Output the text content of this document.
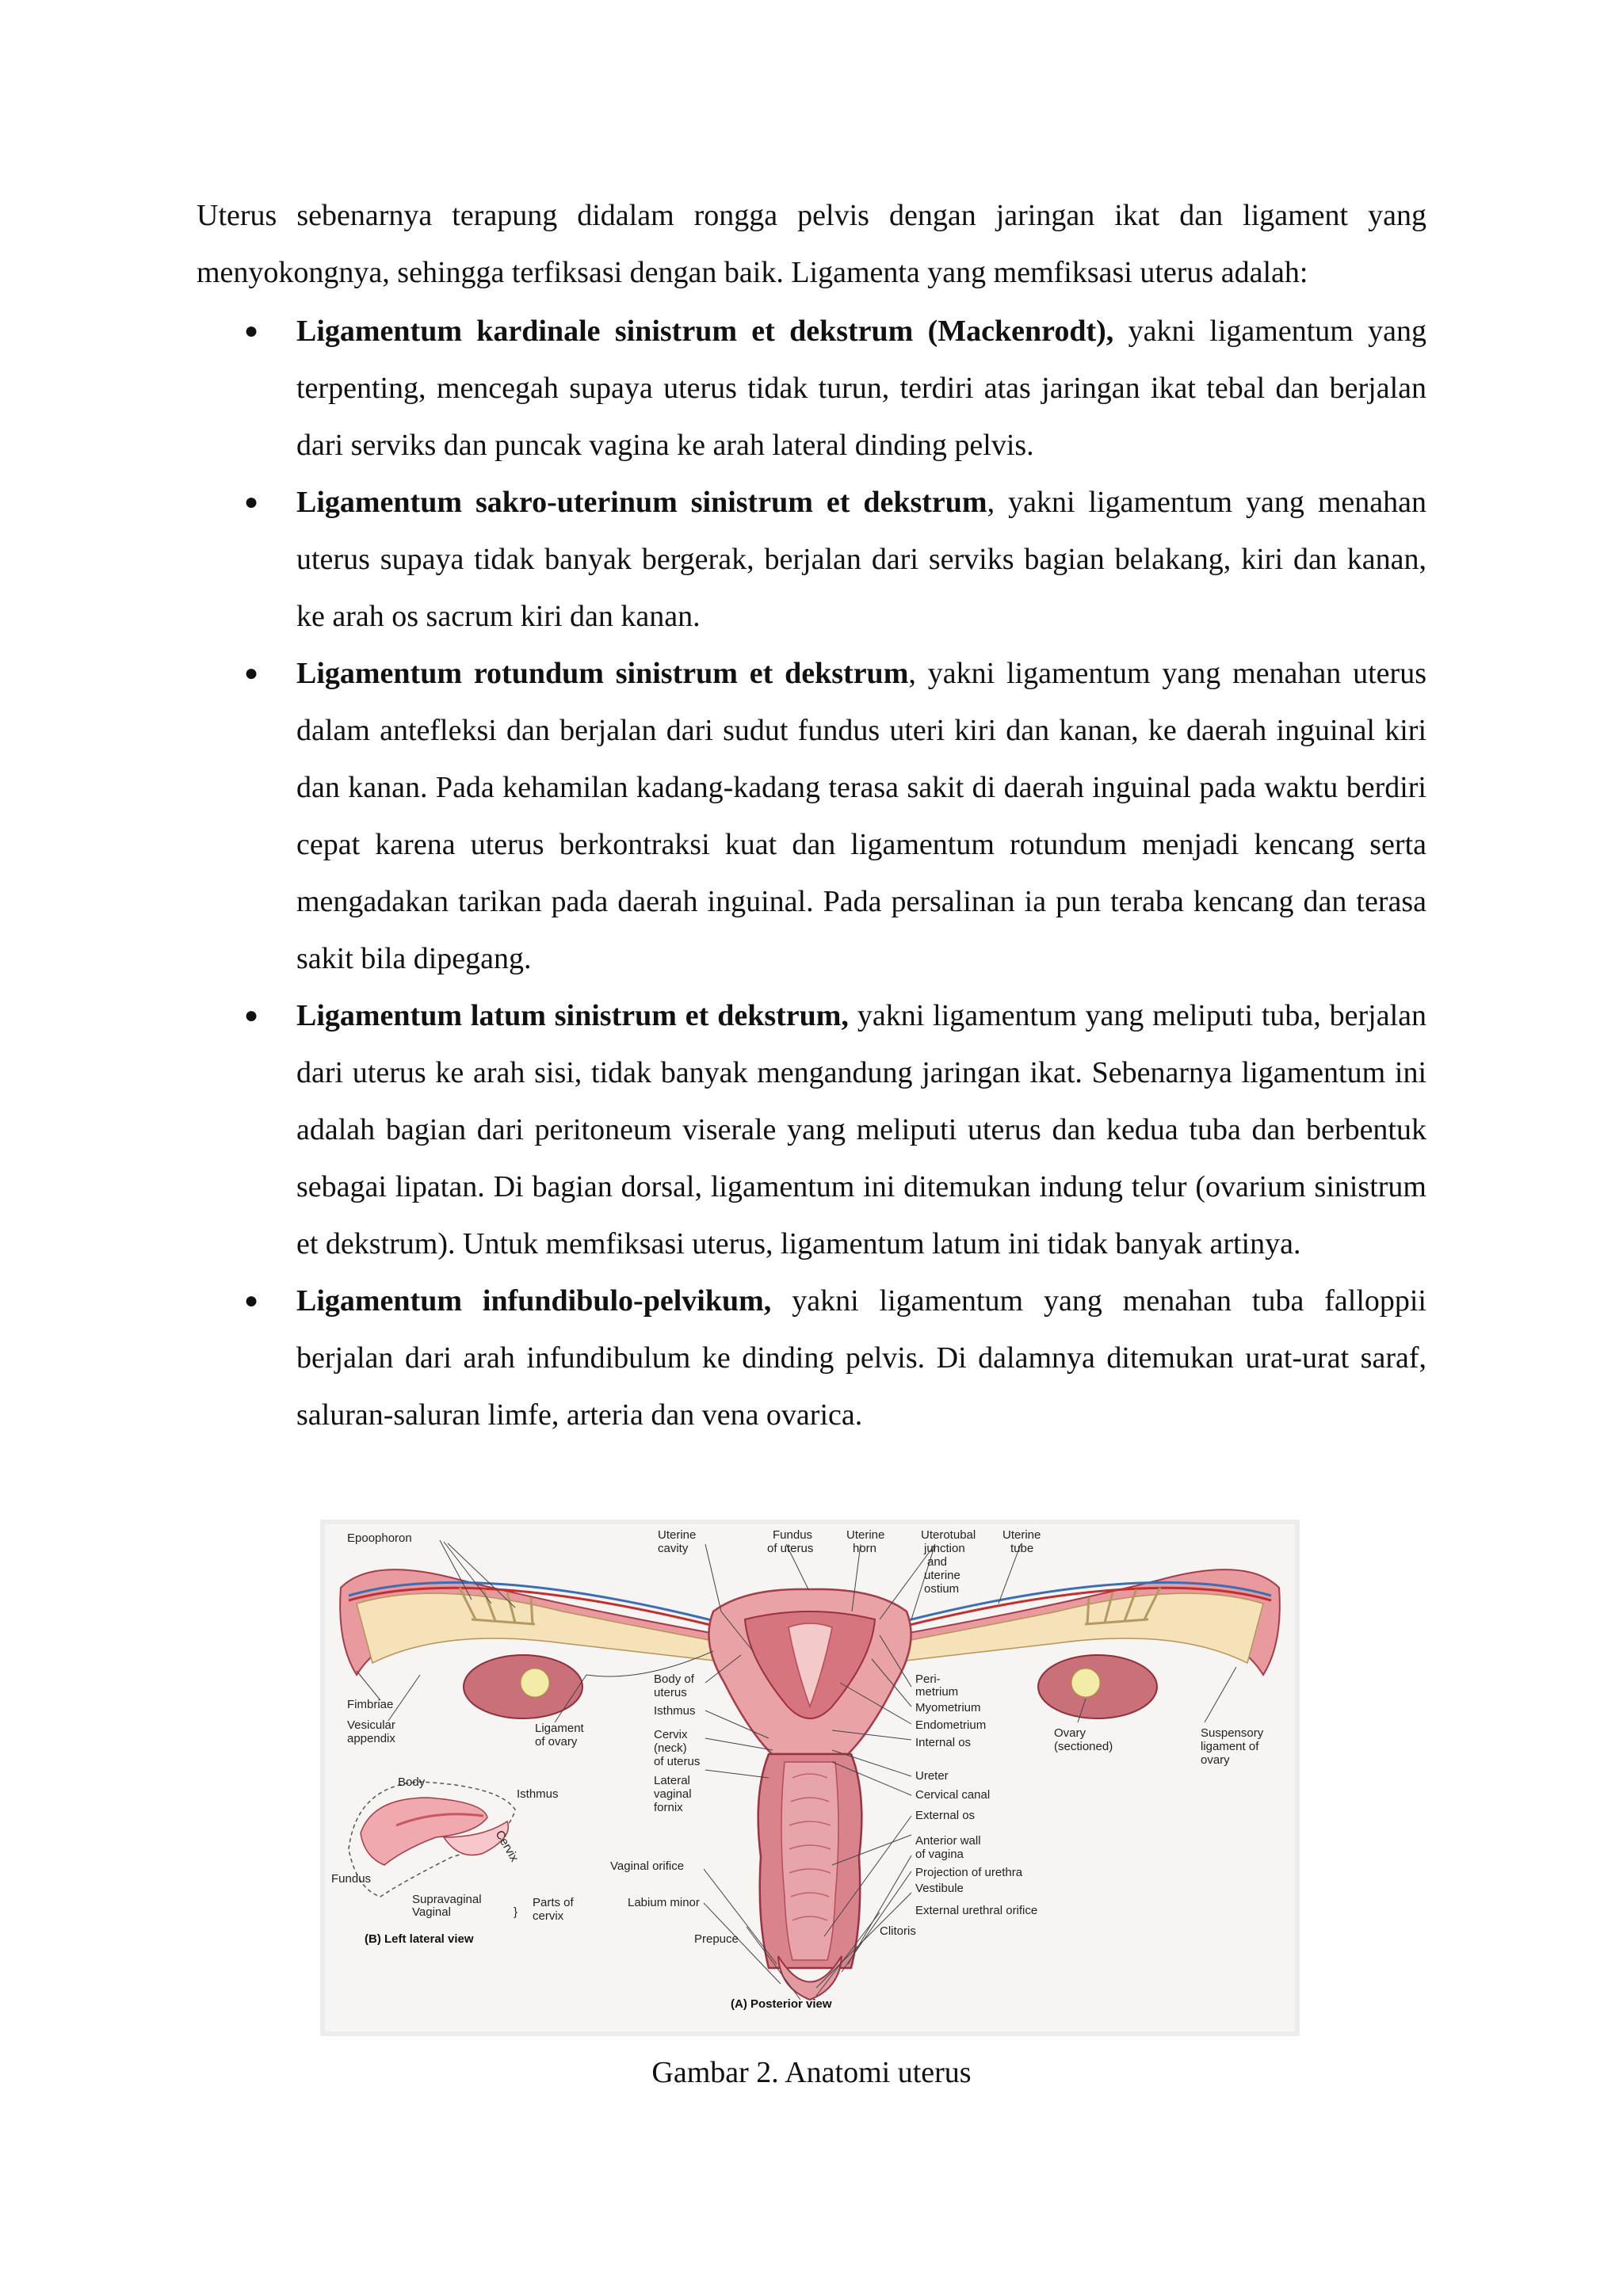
Uterus sebenarnya terapung didalam rongga pelvis dengan jaringan ikat dan ligament yang menyokongnya, sehingga terfiksasi dengan baik. Ligamenta yang memfiksasi uterus adalah:

● Ligamentum kardinale sinistrum et dekstrum (Mackenrodt), yakni ligamentum yang terpenting, mencegah supaya uterus tidak turun, terdiri atas jaringan ikat tebal dan berjalan dari serviks dan puncak vagina ke arah lateral dinding pelvis.
● Ligamentum sakro-uterinum sinistrum et dekstrum, yakni ligamentum yang menahan uterus supaya tidak banyak bergerak, berjalan dari serviks bagian belakang, kiri dan kanan, ke arah os sacrum kiri dan kanan.
● Ligamentum rotundum sinistrum et dekstrum, yakni ligamentum yang menahan uterus dalam antefleksi dan berjalan dari sudut fundus uteri kiri dan kanan, ke daerah inguinal kiri dan kanan. Pada kehamilan kadang-kadang terasa sakit di daerah inguinal pada waktu berdiri cepat karena uterus berkontraksi kuat dan ligamentum rotundum menjadi kencang serta mengadakan tarikan pada daerah inguinal. Pada persalinan ia pun teraba kencang dan terasa sakit bila dipegang.
● Ligamentum latum sinistrum et dekstrum, yakni ligamentum yang meliputi tuba, berjalan dari uterus ke arah sisi, tidak banyak mengandung jaringan ikat. Sebenarnya ligamentum ini adalah bagian dari peritoneum viserale yang meliputi uterus dan kedua tuba dan berbentuk sebagai lipatan. Di bagian dorsal, ligamentum ini ditemukan indung telur (ovarium sinistrum et dekstrum). Untuk memfiksasi uterus, ligamentum latum ini tidak banyak artinya.
● Ligamentum infundibulo-pelvikum, yakni ligamentum yang menahan tuba falloppii berjalan dari arah infundibulum ke dinding pelvis. Di dalamnya ditemukan urat-urat saraf, saluran-saluran limfe, arteria dan vena ovarica.
Epoophoron	Uterine
cavity
Fundus
of uterus
Uterine
horn
Uterotubal
junction
and
uterine
ostium
Uterine
tube
Fimbriae
Vesicular
appendix
Ligament
of ovary
Body of
uterus
Isthmus
Cervix
(neck)
of uterus
Lateral
vaginal
fornix
Peri-
metrium
Myometrium
Endometrium
Internal os
Ovary
(sectioned)
Suspensory
ligament of
ovary
Ureter
Cervical canal
External os
Anterior wall
of vagina
Projection of urethra
Vestibule
External urethral orifice
Clitoris
Vaginal orifice
Labium minor
Prepuce
Body
Isthmus
Cervix
Fundus
Supravaginal
Vaginal
Parts of
cervix
}
(B) Left lateral view
(A) Posterior view
Gambar 2. Anatomi uterus
